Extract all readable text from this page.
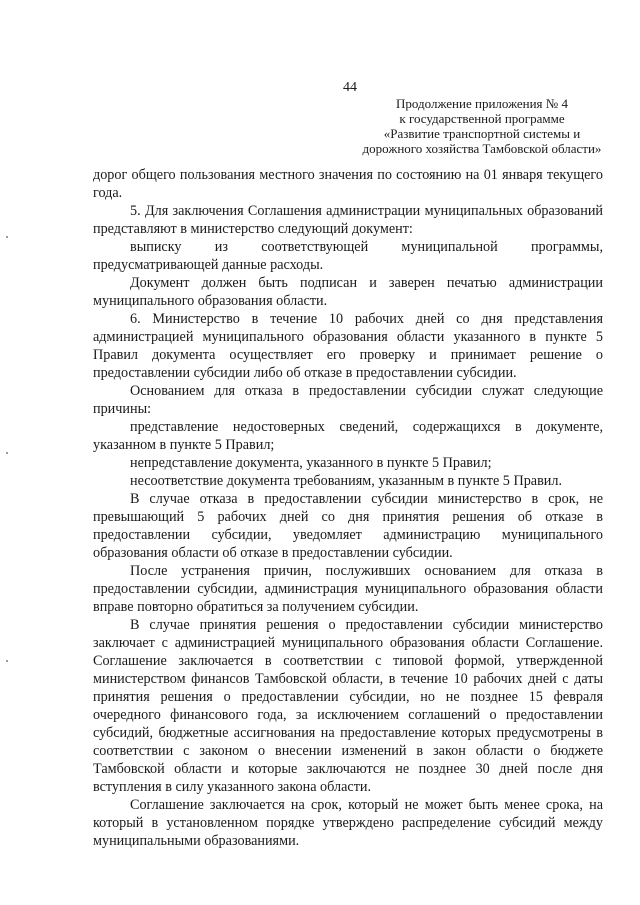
44
Продолжение приложения № 4
к государственной программе
«Развитие транспортной системы и
дорожного хозяйства Тамбовской области»

дорог общего пользования местного значения по состоянию на 01 января текущего года.

5. Для заключения Соглашения администрации муниципальных образований представляют в министерство следующий документ:

выписку из соответствующей муниципальной программы, предусматривающей данные расходы.

Документ должен быть подписан и заверен печатью администрации муниципального образования области.

6. Министерство в течение 10 рабочих дней со дня представления администрацией муниципального образования области указанного в пункте 5 Правил документа осуществляет его проверку и принимает решение о предоставлении субсидии либо об отказе в предоставлении субсидии.

Основанием для отказа в предоставлении субсидии служат следующие причины:

представление недостоверных сведений, содержащихся в документе, указанном в пункте 5 Правил;

непредставление документа, указанного в пункте 5 Правил;

несоответствие документа требованиям, указанным в пункте 5 Правил.

В случае отказа в предоставлении субсидии министерство в срок, не превышающий 5 рабочих дней со дня принятия решения об отказе в предоставлении субсидии, уведомляет администрацию муниципального образования области об отказе в предоставлении субсидии.

После устранения причин, послуживших основанием для отказа в предоставлении субсидии, администрация муниципального образования области вправе повторно обратиться за получением субсидии.

В случае принятия решения о предоставлении субсидии министерство заключает с администрацией муниципального образования области Соглашение. Соглашение заключается в соответствии с типовой формой, утвержденной министерством финансов Тамбовской области, в течение 10 рабочих дней с даты принятия решения о предоставлении субсидии, но не позднее 15 февраля очередного финансового года, за исключением соглашений о предоставлении субсидий, бюджетные ассигнования на предоставление которых предусмотрены в соответствии с законом о внесении изменений в закон области о бюджете Тамбовской области и которые заключаются не позднее 30 дней после дня вступления в силу указанного закона области.

Соглашение заключается на срок, который не может быть менее срока, на который в установленном порядке утверждено распределение субсидий между муниципальными образованиями.
